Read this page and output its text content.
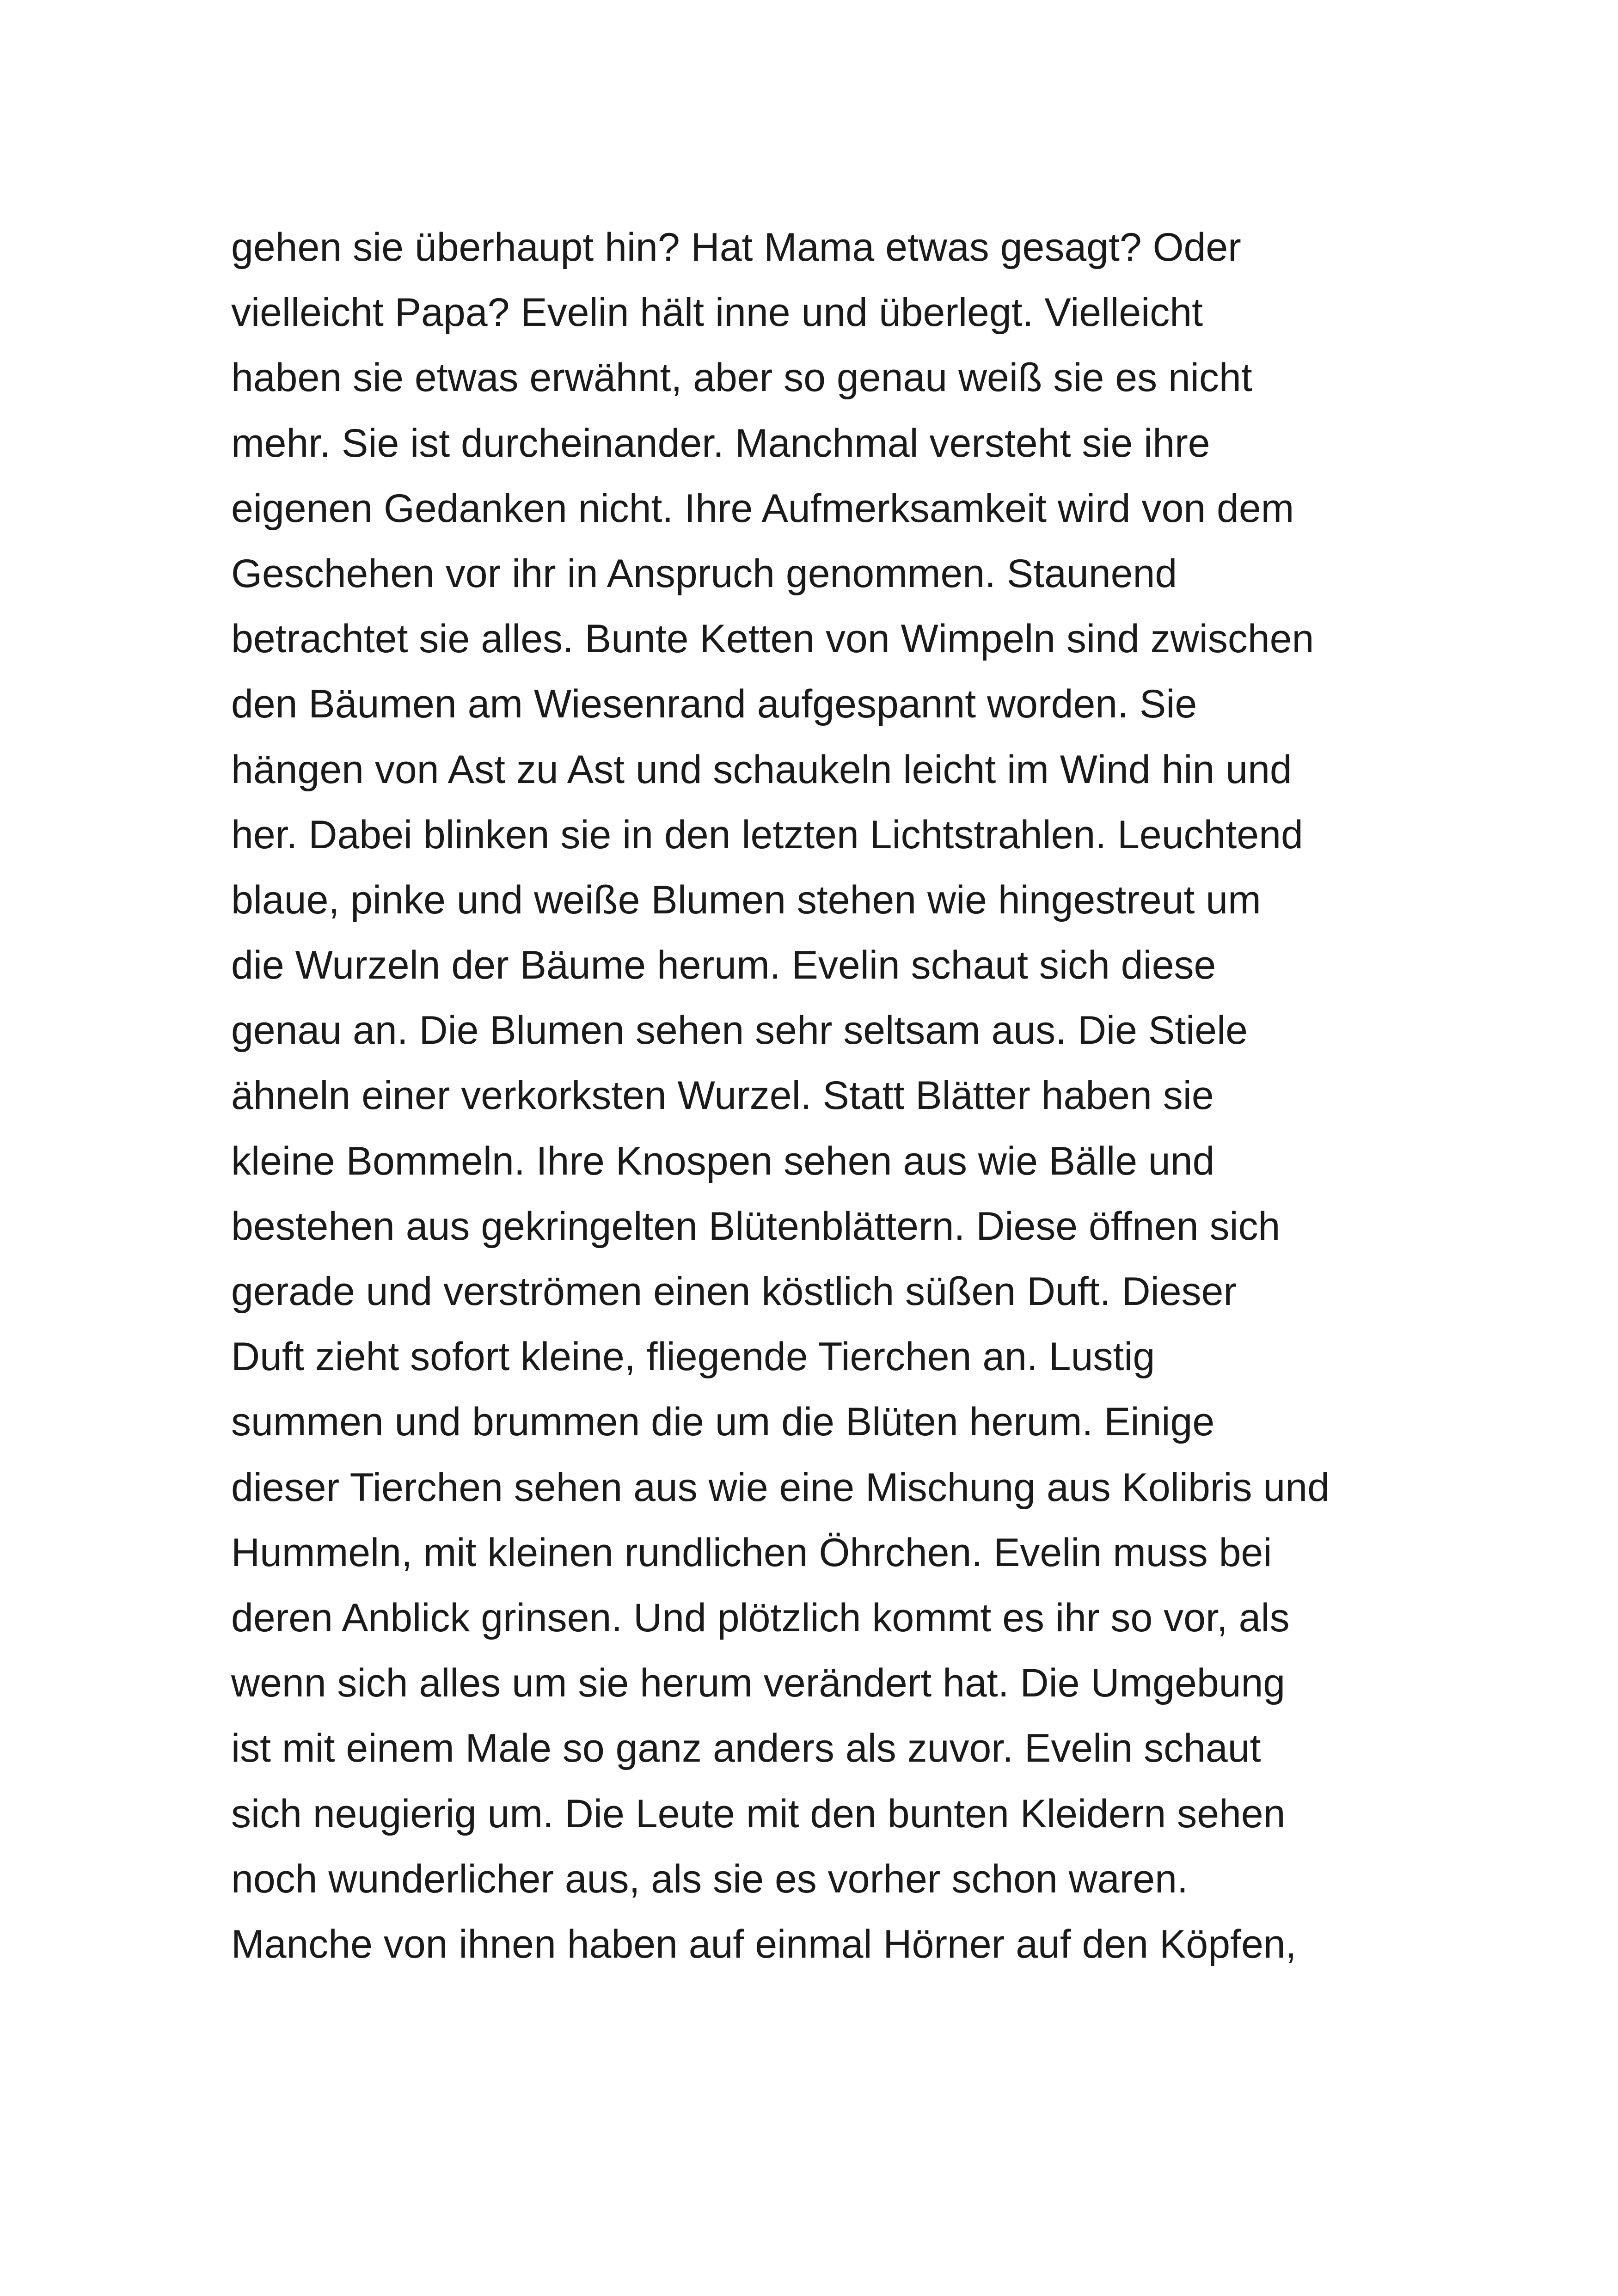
gehen sie überhaupt hin? Hat Mama etwas gesagt? Oder
vielleicht Papa? Evelin hält inne und überlegt. Vielleicht
haben sie etwas erwähnt, aber so genau weiß sie es nicht
mehr. Sie ist durcheinander. Manchmal versteht sie ihre
eigenen Gedanken nicht. Ihre Aufmerksamkeit wird von dem
Geschehen vor ihr in Anspruch genommen. Staunend
betrachtet sie alles. Bunte Ketten von Wimpeln sind zwischen
den Bäumen am Wiesenrand aufgespannt worden. Sie
hängen von Ast zu Ast und schaukeln leicht im Wind hin und
her. Dabei blinken sie in den letzten Lichtstrahlen. Leuchtend
blaue, pinke und weiße Blumen stehen wie hingestreut um
die Wurzeln der Bäume herum. Evelin schaut sich diese
genau an. Die Blumen sehen sehr seltsam aus. Die Stiele
ähneln einer verkorksten Wurzel. Statt Blätter haben sie
kleine Bommeln. Ihre Knospen sehen aus wie Bälle und
bestehen aus gekringelten Blütenblättern. Diese öffnen sich
gerade und verströmen einen köstlich süßen Duft. Dieser
Duft zieht sofort kleine, fliegende Tierchen an. Lustig
summen und brummen die um die Blüten herum. Einige
dieser Tierchen sehen aus wie eine Mischung aus Kolibris und
Hummeln, mit kleinen rundlichen Öhrchen. Evelin muss bei
deren Anblick grinsen. Und plötzlich kommt es ihr so vor, als
wenn sich alles um sie herum verändert hat. Die Umgebung
ist mit einem Male so ganz anders als zuvor. Evelin schaut
sich neugierig um. Die Leute mit den bunten Kleidern sehen
noch wunderlicher aus, als sie es vorher schon waren.
Manche von ihnen haben auf einmal Hörner auf den Köpfen,
